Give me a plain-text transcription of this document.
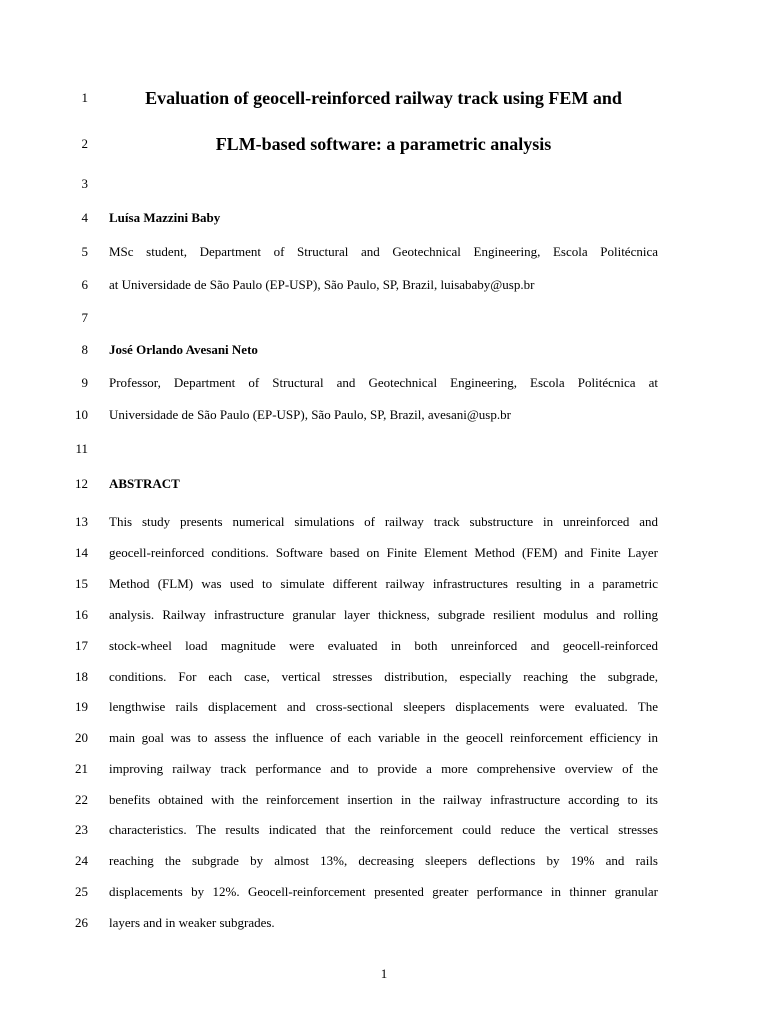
1
2
3
4
5
6
7
8
9
10
11
12
13
14
15
16
17
18
19
20
21
22
23
24
25
26
Evaluation of geocell-reinforced railway track using FEM and
FLM-based software: a parametric analysis
Luísa Mazzini Baby
MSc student, Department of Structural and Geotechnical Engineering, Escola Politécnica
at Universidade de São Paulo (EP-USP), São Paulo, SP, Brazil, luisababy@usp.br
José Orlando Avesani Neto
Professor, Department of Structural and Geotechnical Engineering, Escola Politécnica at
Universidade de São Paulo (EP-USP), São Paulo, SP, Brazil, avesani@usp.br
ABSTRACT
This study presents numerical simulations of railway track substructure in unreinforced and
geocell-reinforced conditions. Software based on Finite Element Method (FEM) and Finite Layer
Method (FLM) was used to simulate different railway infrastructures resulting in a parametric
analysis. Railway infrastructure granular layer thickness, subgrade resilient modulus and rolling
stock-wheel load magnitude were evaluated in both unreinforced and geocell-reinforced
conditions. For each case, vertical stresses distribution, especially reaching the subgrade,
lengthwise rails displacement and cross-sectional sleepers displacements were evaluated. The
main goal was to assess the influence of each variable in the geocell reinforcement efficiency in
improving railway track performance and to provide a more comprehensive overview of the
benefits obtained with the reinforcement insertion in the railway infrastructure according to its
characteristics. The results indicated that the reinforcement could reduce the vertical stresses
reaching the subgrade by almost 13%, decreasing sleepers deflections by 19% and rails
displacements by 12%. Geocell-reinforcement presented greater performance in thinner granular
layers and in weaker subgrades.
1
